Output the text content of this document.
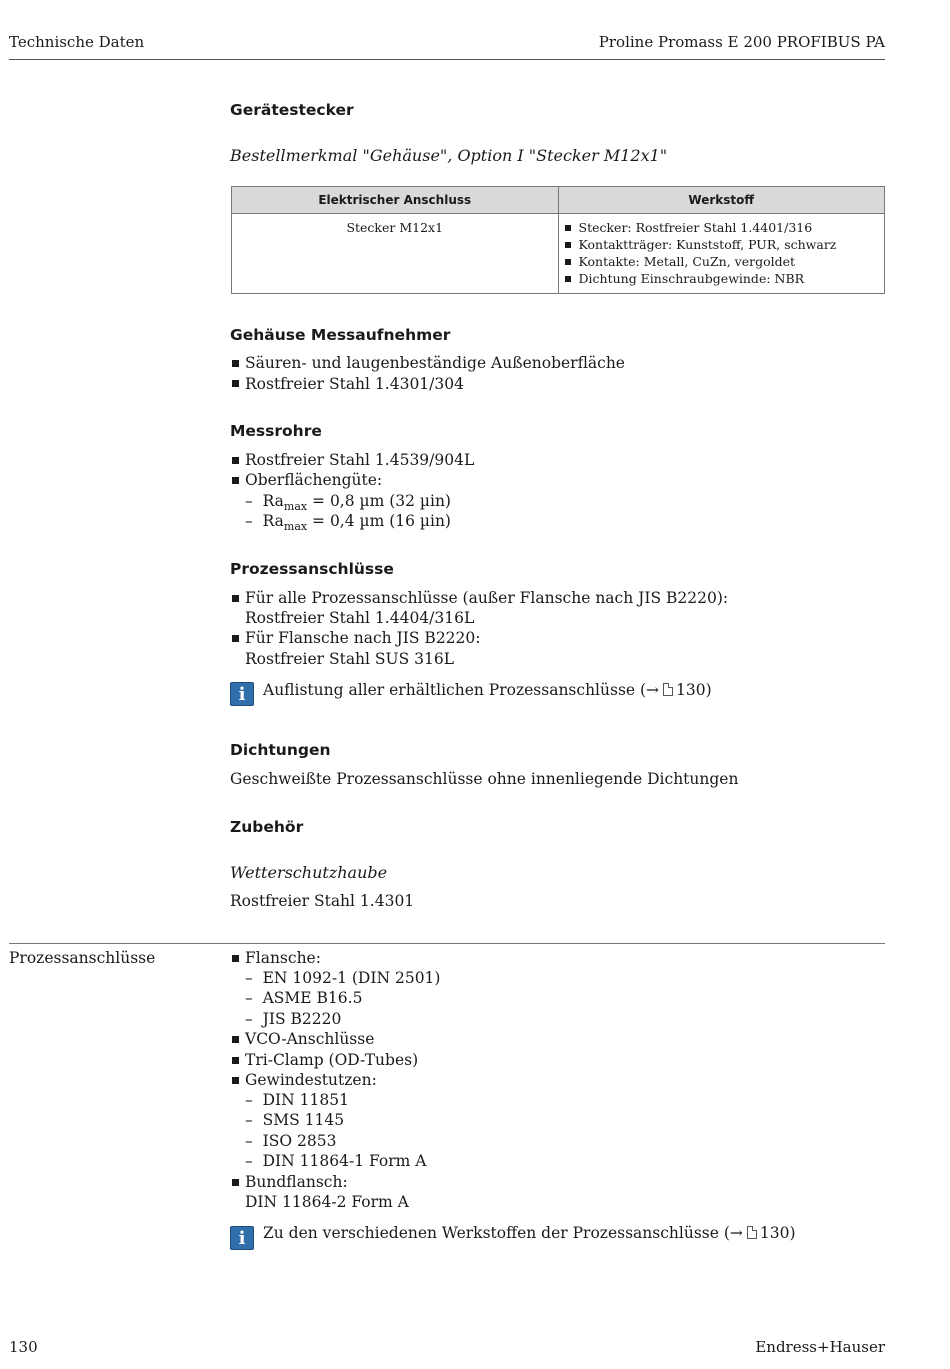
Technische Daten	Proline Promass E 200 PROFIBUS PA
Gerätestecker
Bestellmerkmal "Gehäuse", Option I "Stecker M12x1"
Elektrischer Anschluss	Werkstoff
Stecker M12x1	Stecker: Rostfreier Stahl 1.4401/316
Kontaktträger: Kunststoff, PUR, schwarz
Kontakte: Metall, CuZn, vergoldet
Dichtung Einschraubgewinde: NBR
Gehäuse Messaufnehmer
Säuren- und laugenbeständige Außenoberfläche
Rostfreier Stahl 1.4301/304
Messrohre
Rostfreier Stahl 1.4539/904L
Oberflächengüte:
–  $Ra_{max} = 0,8$ µm (32 µin)
–  $Ra_{max} = 0,4$ µm (16 µin)
Prozessanschlüsse
Für alle Prozessanschlüsse (außer Flansche nach JIS B2220):
Rostfreier Stahl 1.4404/316L
Für Flansche nach JIS B2220:
Rostfreier Stahl SUS 316L
i	Auflistung aller erhältlichen Prozessanschlüsse (→ 130)
Dichtungen
Geschweißte Prozessanschlüsse ohne innenliegende Dichtungen
Zubehör
Wetterschutzhaube
Rostfreier Stahl 1.4301
Prozessanschlüsse	Flansche:
–  EN 1092-1 (DIN 2501)
–  ASME B16.5
–  JIS B2220
VCO-Anschlüsse
Tri-Clamp (OD-Tubes)
Gewindestutzen:
–  DIN 11851
–  SMS 1145
–  ISO 2853
–  DIN 11864-1 Form A
Bundflansch:
DIN 11864-2 Form A
i	Zu den verschiedenen Werkstoffen der Prozessanschlüsse (→ 130)
130	Endress+Hauser
